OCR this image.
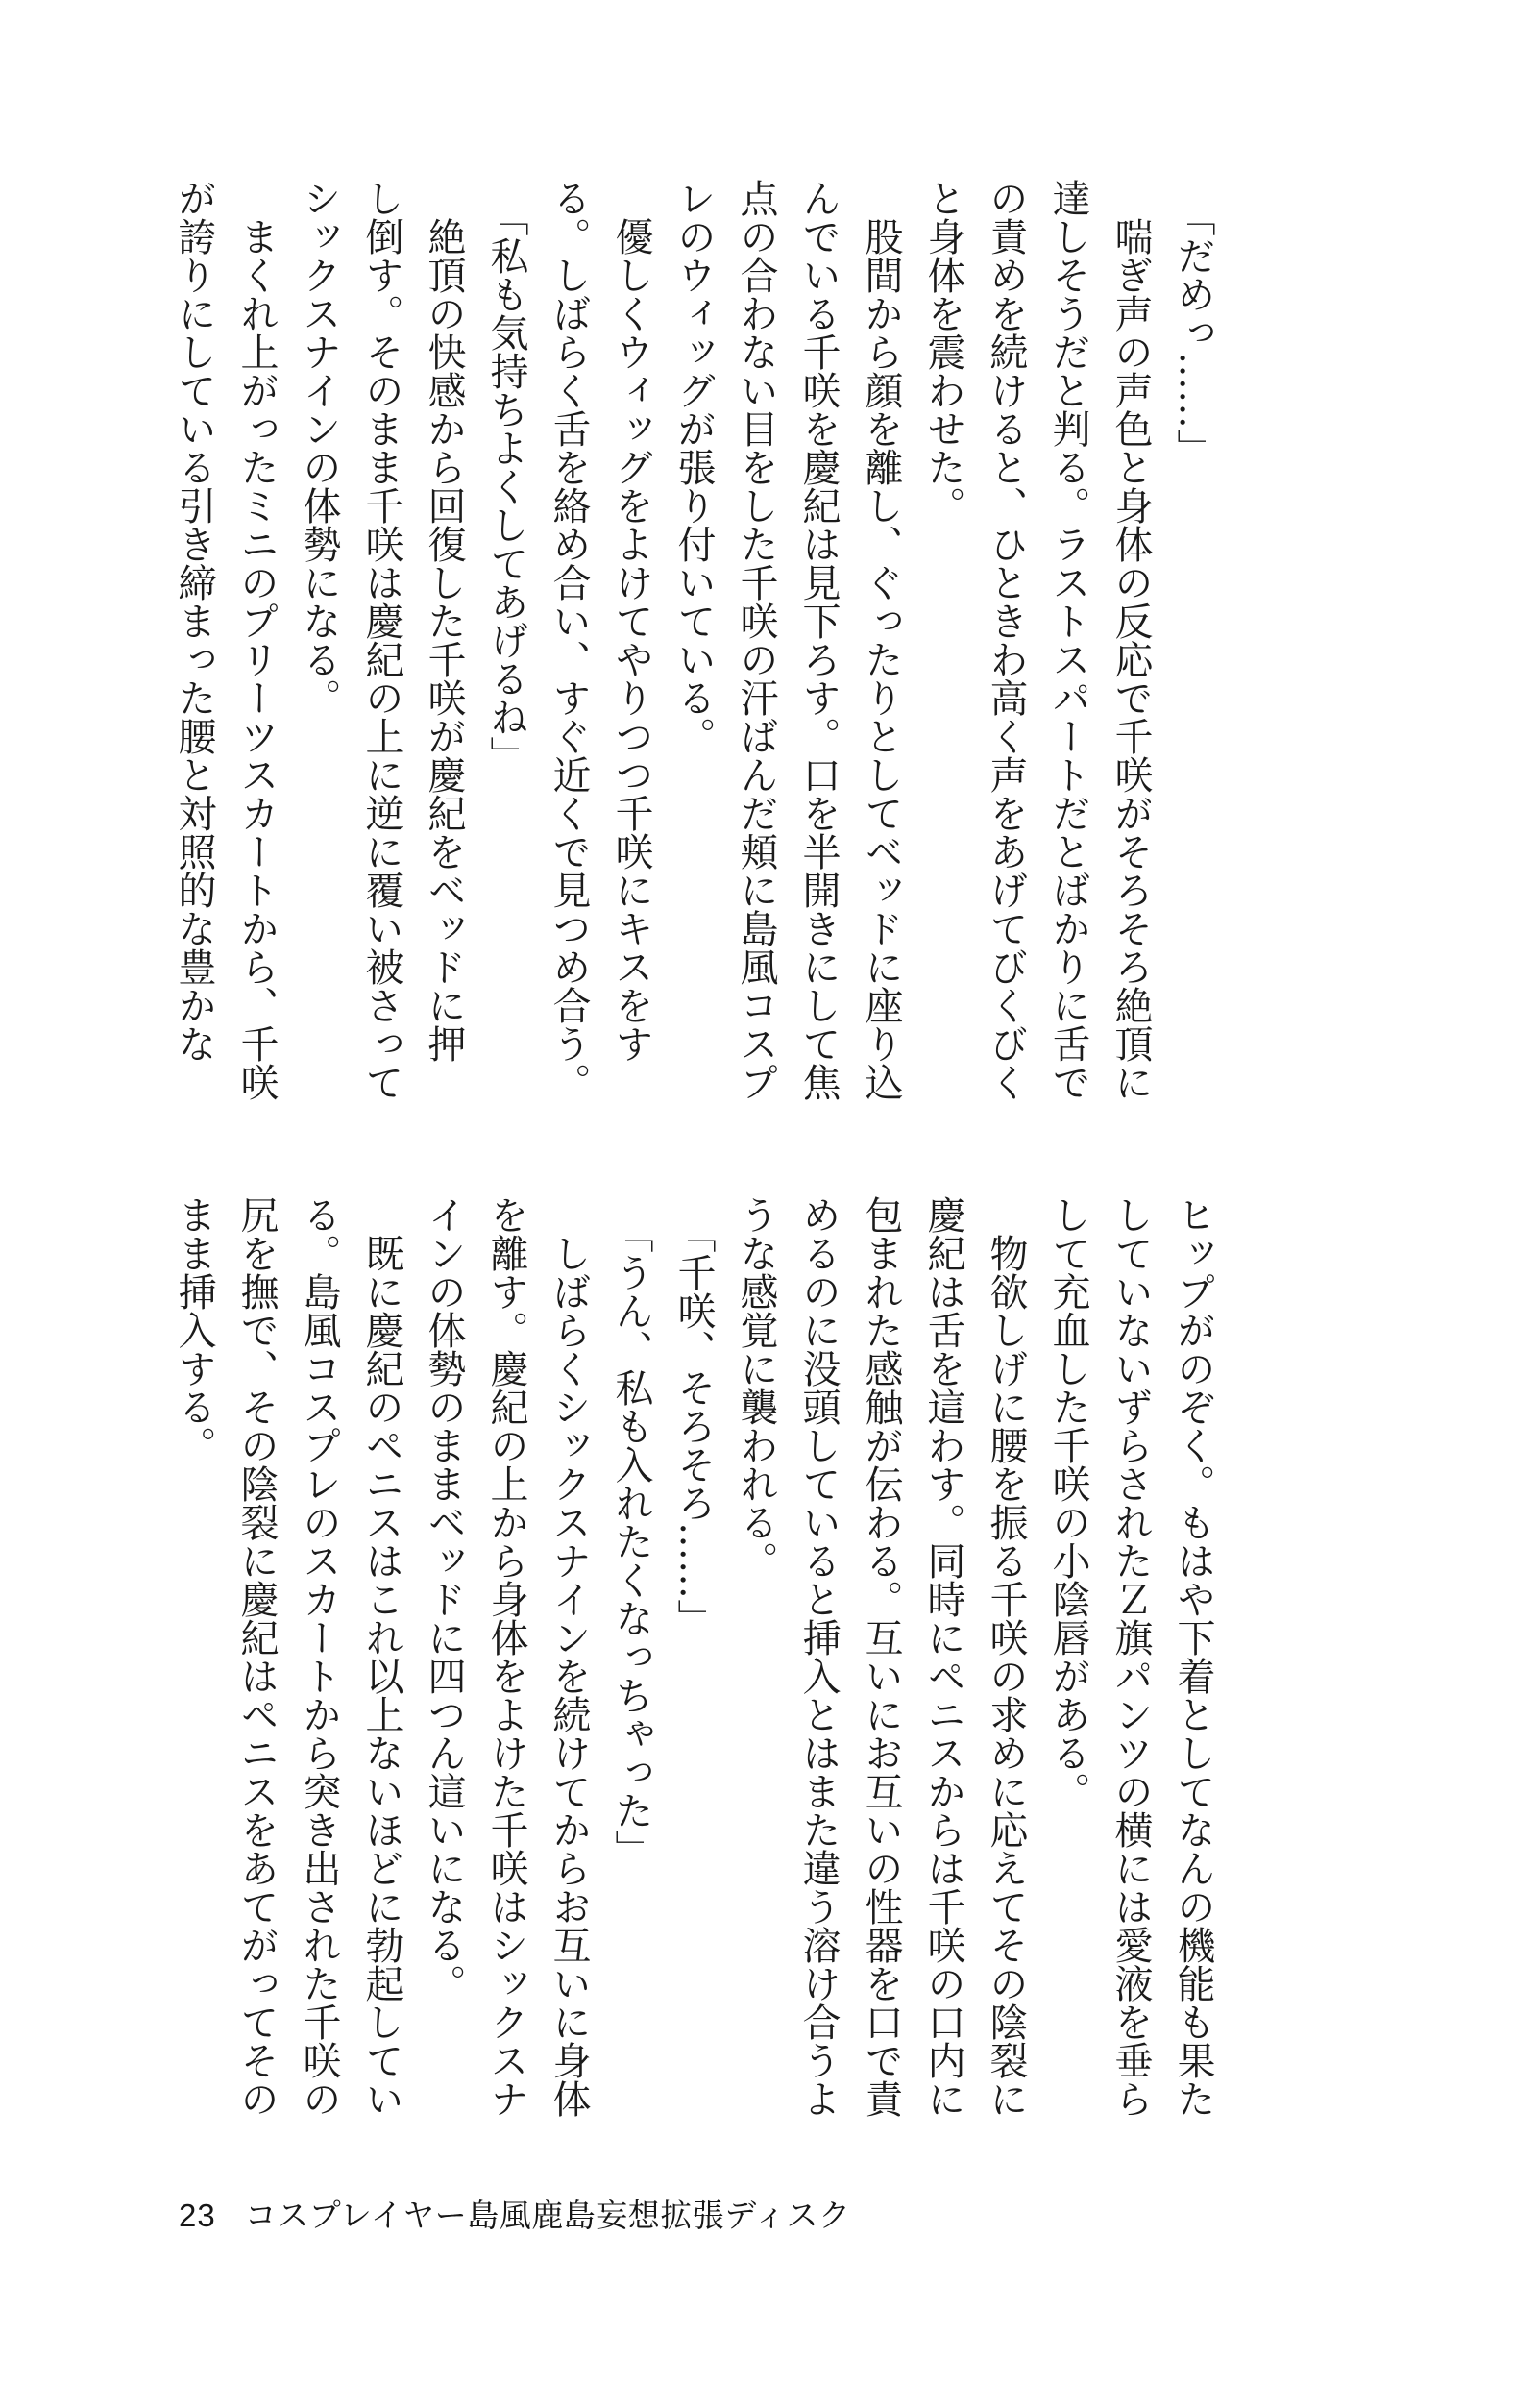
「だめっ……」

　喘ぎ声の声色と身体の反応で千咲がそろそろ絶頂に

達しそうだと判る。ラストスパートだとばかりに舌で

の責めを続けると、ひときわ高く声をあげてびくびく

と身体を震わせた。

　股間から顔を離し、ぐったりとしてベッドに座り込

んでいる千咲を慶紀は見下ろす。口を半開きにして焦

点の合わない目をした千咲の汗ばんだ頬に島風コスプ

レのウィッグが張り付いている。

　優しくウィッグをよけてやりつつ千咲にキスをす

る。しばらく舌を絡め合い、すぐ近くで見つめ合う。

「私も気持ちよくしてあげるね」

　絶頂の快感から回復した千咲が慶紀をベッドに押

し倒す。そのまま千咲は慶紀の上に逆に覆い被さって

シックスナインの体勢になる。

　まくれ上がったミニのプリーツスカートから、千咲

が誇りにしている引き締まった腰と対照的な豊かな

ヒップがのぞく。もはや下着としてなんの機能も果た

していないずらされたＺ旗パンツの横には愛液を垂ら

して充血した千咲の小陰唇がある。

　物欲しげに腰を振る千咲の求めに応えてその陰裂に

慶紀は舌を這わす。同時にペニスからは千咲の口内に

包まれた感触が伝わる。互いにお互いの性器を口で責

めるのに没頭していると挿入とはまた違う溶け合うよ

うな感覚に襲われる。

「千咲、そろそろ……」

「うん、私も入れたくなっちゃった」

　しばらくシックスナインを続けてからお互いに身体

を離す。慶紀の上から身体をよけた千咲はシックスナ

インの体勢のままベッドに四つん這いになる。

　既に慶紀のペニスはこれ以上ないほどに勃起してい

る。島風コスプレのスカートから突き出された千咲の

尻を撫で、その陰裂に慶紀はペニスをあてがってその

まま挿入する。

23 コスプレイヤー島風鹿島妄想拡張ディスク
